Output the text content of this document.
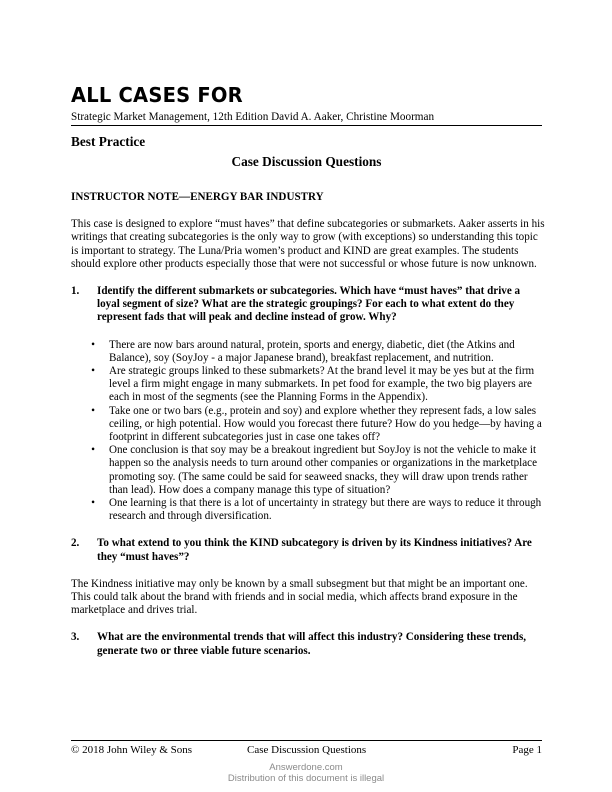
ALL CASES FOR
Strategic Market Management, 12th Edition David A. Aaker, Christine Moorman
Best Practice
Case Discussion Questions

INSTRUCTOR NOTE—ENERGY BAR INDUSTRY

This case is designed to explore “must haves” that define subcategories or submarkets. Aaker asserts in his writings that creating subcategories is the only way to grow (with exceptions) so understanding this topic is important to strategy. The Luna/Pria women’s product and KIND are great examples. The students should explore other products especially those that were not successful or whose future is now unknown.

1.	Identify the different submarkets or subcategories. Which have “must haves” that drive a loyal segment of size? What are the strategic groupings? For each to what extent do they represent fads that will peak and decline instead of grow. Why?
•	There are now bars around natural, protein, sports and energy, diabetic, diet (the Atkins and Balance), soy (SoyJoy - a major Japanese brand), breakfast replacement, and nutrition.
•	Are strategic groups linked to these submarkets? At the brand level it may be yes but at the firm level a firm might engage in many submarkets. In pet food for example, the two big players are each in most of the segments (see the Planning Forms in the Appendix).
•	Take one or two bars (e.g., protein and soy) and explore whether they represent fads, a low sales ceiling, or high potential. How would you forecast there future? How do you hedge—by having a footprint in different subcategories just in case one takes off?
•	One conclusion is that soy may be a breakout ingredient but SoyJoy is not the vehicle to make it happen so the analysis needs to turn around other companies or organizations in the marketplace promoting soy. (The same could be said for seaweed snacks, they will draw upon trends rather than lead). How does a company manage this type of situation?
•	One learning is that there is a lot of uncertainty in strategy but there are ways to reduce it through research and through diversification.
2.	To what extend to you think the KIND subcategory is driven by its Kindness initiatives? Are they “must haves”?

The Kindness initiative may only be known by a small subsegment but that might be an important one. This could talk about the brand with friends and in social media, which affects brand exposure in the marketplace and drives trial.

3.	What are the environmental trends that will affect this industry? Considering these trends, generate two or three viable future scenarios.
© 2018 John Wiley & Sons	Case Discussion Questions	Page 1
Answerdone.com
Distribution of this document is illegal
